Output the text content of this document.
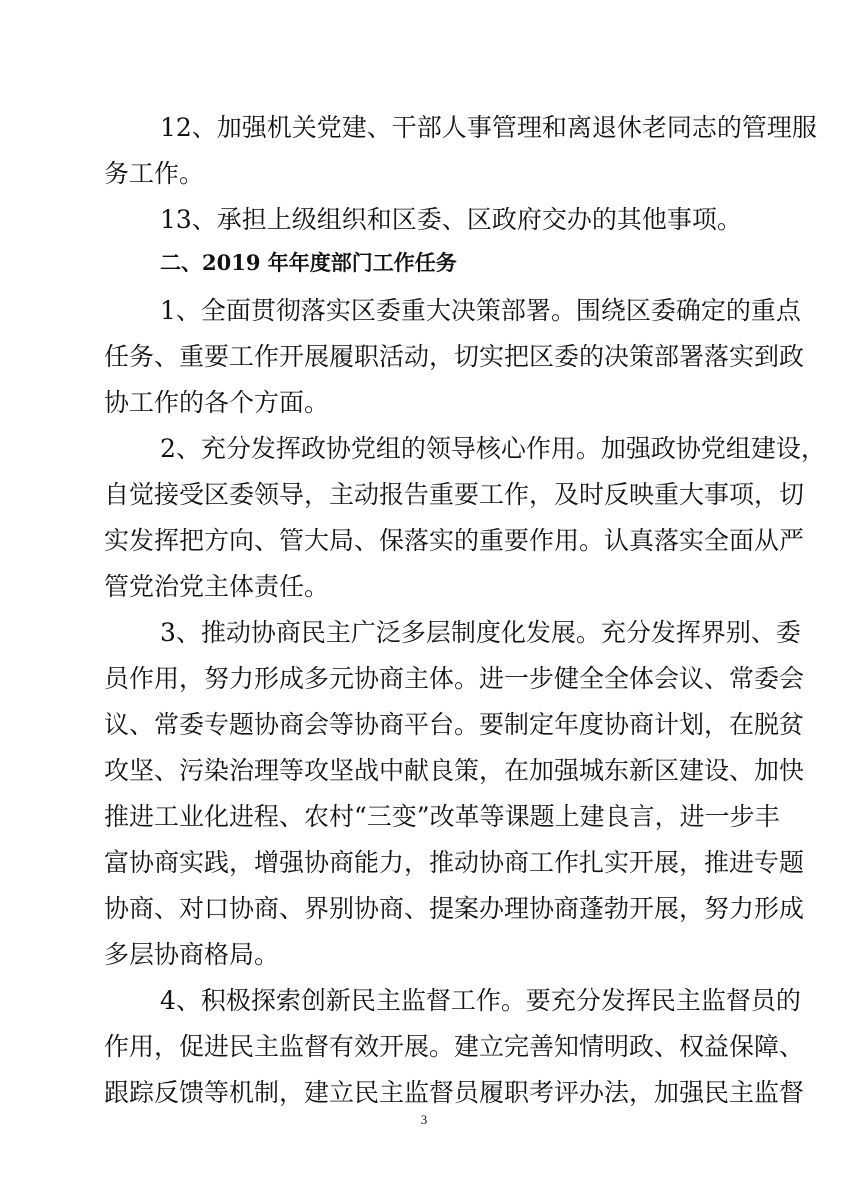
12、加强机关党建、干部人事管理和离退休老同志的管理服
务工作。
13、承担上级组织和区委、区政府交办的其他事项。
二、2019 年年度部门工作任务
1、全面贯彻落实区委重大决策部署。围绕区委确定的重点
任务、重要工作开展履职活动，切实把区委的决策部署落实到政
协工作的各个方面。
2、充分发挥政协党组的领导核心作用。加强政协党组建设，
自觉接受区委领导，主动报告重要工作，及时反映重大事项，切
实发挥把方向、管大局、保落实的重要作用。认真落实全面从严
管党治党主体责任。
3、推动协商民主广泛多层制度化发展。充分发挥界别、委
员作用，努力形成多元协商主体。进一步健全全体会议、常委会
议、常委专题协商会等协商平台。要制定年度协商计划，在脱贫
攻坚、污染治理等攻坚战中献良策，在加强城东新区建设、加快
推进工业化进程、农村“三变”改革等课题上建良言，进一步丰
富协商实践，增强协商能力，推动协商工作扎实开展，推进专题
协商、对口协商、界别协商、提案办理协商蓬勃开展，努力形成
多层协商格局。
4、积极探索创新民主监督工作。要充分发挥民主监督员的
作用，促进民主监督有效开展。建立完善知情明政、权益保障、
跟踪反馈等机制，建立民主监督员履职考评办法，加强民主监督
3
